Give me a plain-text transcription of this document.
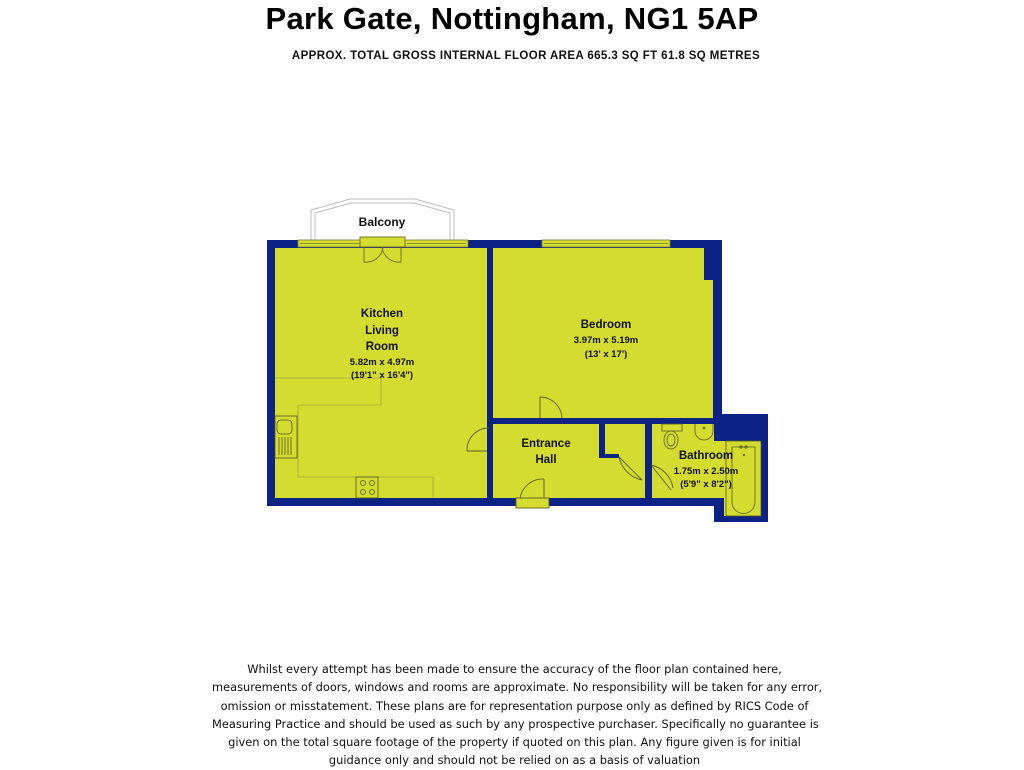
Park Gate, Nottingham, NG1 5AP
APPROX. TOTAL GROSS INTERNAL FLOOR AREA 665.3 SQ FT 61.8 SQ METRES
Balcony
Kitchen
Living
Room
5.82m x 4.97m
(19'1" x 16'4")
Bedroom
3.97m x 5.19m
(13' x 17')
Entrance
Hall	Bathroom
1.75m x 2.50m
(5'9" x 8'2")
Whilst every attempt has been made to ensure the accuracy of the floor plan contained here,
measurements of doors, windows and rooms are approximate. No responsibility will be taken for any error,
omission or misstatement. These plans are for representation purpose only as defined by RICS Code of
Measuring Practice and should be used as such by any prospective purchaser. Specifically no guarantee is
given on the total square footage of the property if quoted on this plan. Any figure given is for initial
guidance only and should not be relied on as a basis of valuation
